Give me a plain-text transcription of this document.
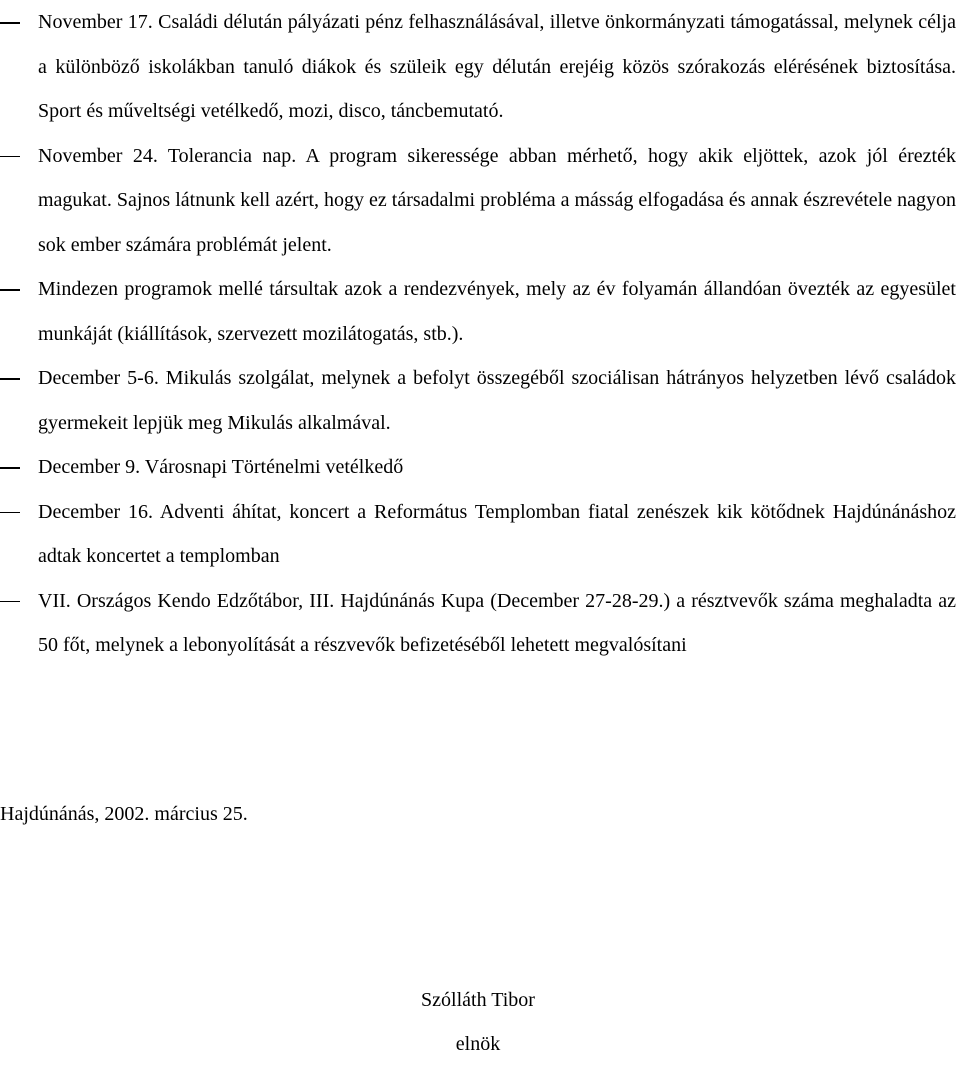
November 17. Családi délután pályázati pénz felhasználásával, illetve önkormányzati támogatással, melynek célja a különböző iskolákban tanuló diákok és szüleik egy délután erejéig közös szórakozás elérésének biztosítása. Sport és műveltségi vetélkedő, mozi, disco, táncbemutató.
November 24. Tolerancia nap. A program sikeressége abban mérhető, hogy akik eljöttek, azok jól érezték magukat. Sajnos látnunk kell azért, hogy ez társadalmi probléma a másság elfogadása és annak észrevétele nagyon sok ember számára problémát jelent.
Mindezen programok mellé társultak azok a rendezvények, mely az év folyamán állandóan övezték az egyesület munkáját (kiállítások, szervezett mozilátogatás, stb.).
December 5-6. Mikulás szolgálat, melynek a befolyt összegéből szociálisan hátrányos helyzetben lévő családok gyermekeit lepjük meg Mikulás alkalmával.
December 9. Városnapi Történelmi vetélkedő
December 16. Adventi áhítat, koncert a Református Templomban fiatal zenészek kik kötődnek Hajdúnánáshoz adtak koncertet a templomban
VII. Országos Kendo Edzőtábor, III. Hajdúnánás Kupa (December 27-28-29.) a résztvevők száma meghaladta az 50 főt, melynek a lebonyolítását a részvevők befizetéséből lehetett megvalósítani
Hajdúnánás, 2002. március 25.
Szólláth Tibor
elnök
